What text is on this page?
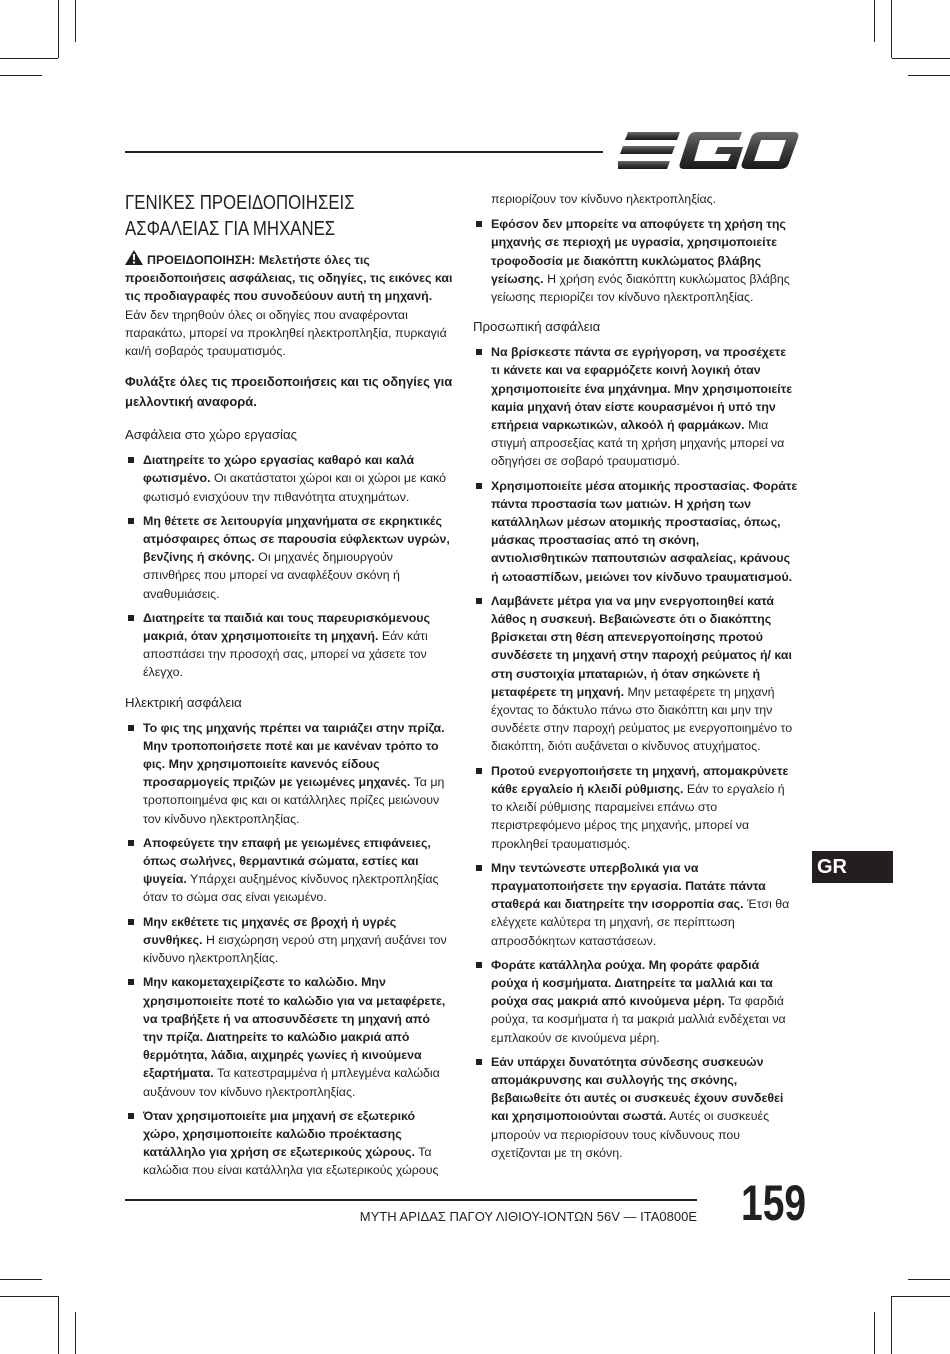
ΓΕΝΙΚΕΣ ΠΡΟΕΙΔΟΠΟΙΗΣΕΙΣ ΑΣΦΑΛΕΙΑΣ ΓΙΑ ΜΗΧΑΝΕΣ

ΠΡΟΕΙΔΟΠΟΙΗΣΗ: Μελετήστε όλες τις προειδοποιήσεις ασφάλειας, τις οδηγίες, τις εικόνες και τις προδιαγραφές που συνοδεύουν αυτή τη μηχανή. Εάν δεν τηρηθούν όλες οι οδηγίες που αναφέρονται παρακάτω, μπορεί να προκληθεί ηλεκτροπληξία, πυρκαγιά και/ή σοβαρός τραυματισμός.

Φυλάξτε όλες τις προειδοποιήσεις και τις οδηγίες για μελλοντική αναφορά.

Ασφάλεια στο χώρο εργασίας

Διατηρείτε το χώρο εργασίας καθαρό και καλά φωτισμένο. Οι ακατάστατοι χώροι και οι χώροι με κακό φωτισμό ενισχύουν την πιθανότητα ατυχημάτων.
Μη θέτετε σε λειτουργία μηχανήματα σε εκρηκτικές ατμόσφαιρες όπως σε παρουσία εύφλεκτων υγρών, βενζίνης ή σκόνης. Οι μηχανές δημιουργούν σπινθήρες που μπορεί να αναφλέξουν σκόνη ή αναθυμιάσεις.
Διατηρείτε τα παιδιά και τους παρευρισκόμενους μακριά, όταν χρησιμοποιείτε τη μηχανή. Εάν κάτι αποσπάσει την προσοχή σας, μπορεί να χάσετε τον έλεγχο.

Ηλεκτρική ασφάλεια

Το φις της μηχανής πρέπει να ταιριάζει στην πρίζα. Μην τροποποιήσετε ποτέ και με κανέναν τρόπο το φις. Μην χρησιμοποιείτε κανενός είδους προσαρμογείς πριζών με γειωμένες μηχανές. Τα μη τροποποιημένα φις και οι κατάλληλες πρίζες μειώνουν τον κίνδυνο ηλεκτροπληξίας.
Αποφεύγετε την επαφή με γειωμένες επιφάνειες, όπως σωλήνες, θερμαντικά σώματα, εστίες και ψυγεία. Υπάρχει αυξημένος κίνδυνος ηλεκτροπληξίας όταν το σώμα σας είναι γειωμένο.
Μην εκθέτετε τις μηχανές σε βροχή ή υγρές συνθήκες. Η εισχώρηση νερού στη μηχανή αυξάνει τον κίνδυνο ηλεκτροπληξίας.
Μην κακομεταχειρίζεστε το καλώδιο. Μην χρησιμοποιείτε ποτέ το καλώδιο για να μεταφέρετε, να τραβήξετε ή να αποσυνδέσετε τη μηχανή από την πρίζα. Διατηρείτε το καλώδιο μακριά από θερμότητα, λάδια, αιχμηρές γωνίες ή κινούμενα εξαρτήματα. Τα κατεστραμμένα ή μπλεγμένα καλώδια αυξάνουν τον κίνδυνο ηλεκτροπληξίας.
Όταν χρησιμοποιείτε μια μηχανή σε εξωτερικό χώρο, χρησιμοποιείτε καλώδιο προέκτασης κατάλληλο για χρήση σε εξωτερικούς χώρους. Τα καλώδια που είναι κατάλληλα για εξωτερικούς χώρους

περιορίζουν τον κίνδυνο ηλεκτροπληξίας.

Εφόσον δεν μπορείτε να αποφύγετε τη χρήση της μηχανής σε περιοχή με υγρασία, χρησιμοποιείτε τροφοδοσία με διακόπτη κυκλώματος βλάβης γείωσης. Η χρήση ενός διακόπτη κυκλώματος βλάβης γείωσης περιορίζει τον κίνδυνο ηλεκτροπληξίας.

Προσωπική ασφάλεια

Να βρίσκεστε πάντα σε εγρήγορση, να προσέχετε τι κάνετε και να εφαρμόζετε κοινή λογική όταν χρησιμοποιείτε ένα μηχάνημα. Μην χρησιμοποιείτε καμία μηχανή όταν είστε κουρασμένοι ή υπό την επήρεια ναρκωτικών, αλκοόλ ή φαρμάκων. Μια στιγμή απροσεξίας κατά τη χρήση μηχανής μπορεί να οδηγήσει σε σοβαρό τραυματισμό.
Χρησιμοποιείτε μέσα ατομικής προστασίας. Φοράτε πάντα προστασία των ματιών. Η χρήση των κατάλληλων μέσων ατομικής προστασίας, όπως, μάσκας προστασίας από τη σκόνη, αντιολισθητικών παπουτσιών ασφαλείας, κράνους ή ωτοασπίδων, μειώνει τον κίνδυνο τραυματισμού.
Λαμβάνετε μέτρα για να μην ενεργοποιηθεί κατά λάθος η συσκευή. Βεβαιώνεστε ότι ο διακόπτης βρίσκεται στη θέση απενεργοποίησης προτού συνδέσετε τη μηχανή στην παροχή ρεύματος ή/ και στη συστοιχία μπαταριών, ή όταν σηκώνετε ή μεταφέρετε τη μηχανή. Μην μεταφέρετε τη μηχανή έχοντας το δάκτυλο πάνω στο διακόπτη και μην την συνδέετε στην παροχή ρεύματος με ενεργοποιημένο το διακόπτη, διότι αυξάνεται ο κίνδυνος ατυχήματος.
Προτού ενεργοποιήσετε τη μηχανή, απομακρύνετε κάθε εργαλείο ή κλειδί ρύθμισης. Εάν το εργαλείο ή το κλειδί ρύθμισης παραμείνει επάνω στο περιστρεφόμενο μέρος της μηχανής, μπορεί να προκληθεί τραυματισμός.
Μην τεντώνεστε υπερβολικά για να πραγματοποιήσετε την εργασία. Πατάτε πάντα σταθερά και διατηρείτε την ισορροπία σας. Έτσι θα ελέγχετε καλύτερα τη μηχανή, σε περίπτωση απροσδόκητων καταστάσεων.
Φοράτε κατάλληλα ρούχα. Μη φοράτε φαρδιά ρούχα ή κοσμήματα. Διατηρείτε τα μαλλιά και τα ρούχα σας μακριά από κινούμενα μέρη. Τα φαρδιά ρούχα, τα κοσμήματα ή τα μακριά μαλλιά ενδέχεται να εμπλακούν σε κινούμενα μέρη.
Εάν υπάρχει δυνατότητα σύνδεσης συσκευών απομάκρυνσης και συλλογής της σκόνης, βεβαιωθείτε ότι αυτές οι συσκευές έχουν συνδεθεί και χρησιμοποιούνται σωστά. Αυτές οι συσκευές μπορούν να περιορίσουν τους κίνδυνους που σχετίζονται με τη σκόνη.
GR
ΜΥΤΗ ΑΡΙΔΑΣ ΠΑΓΟΥ ΛΙΘΙΟΥ-ΙΟΝΤΩΝ 56V — ITA0800E 159
